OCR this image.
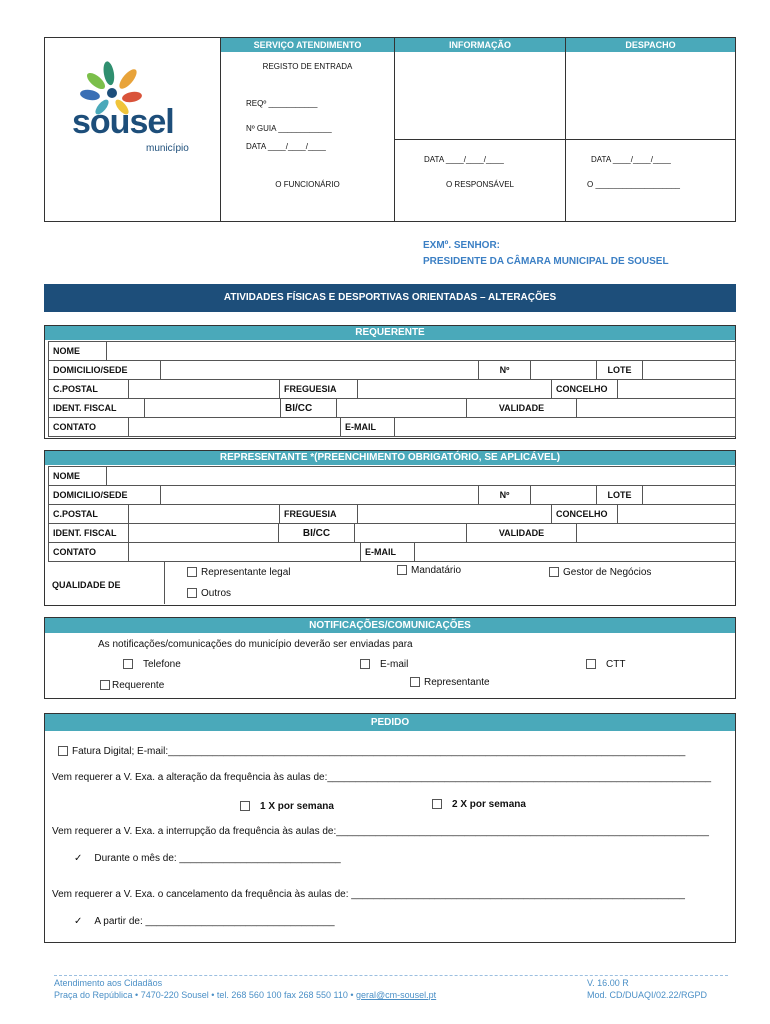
SERVIÇO ATENDIMENTO	INFORMAÇÃO	DESPACHO
sousel
município
REGISTO DE ENTRADA
REQº ___________
Nº GUIA ____________
DATA ____/____/____
O FUNCIONÁRIO
DATA ____/____/____
O RESPONSÁVEL
DATA ____/____/____
O ___________________
EXMº. SENHOR:
PRESIDENTE DA CÂMARA MUNICIPAL DE SOUSEL
ATIVIDADES FÍSICAS E DESPORTIVAS ORIENTADAS – ALTERAÇÕES
REQUERENTE
NOME	
DOMICILIO/SEDE		Nº		LOTE	
C.POSTAL		FREGUESIA		CONCELHO	
IDENT. FISCAL		BI/CC		VALIDADE	
CONTATO		E-MAIL	
REPRESENTANTE *(PREENCHIMENTO OBRIGATÓRIO, SE APLICÁVEL)
NOME	
DOMICILIO/SEDE		Nº		LOTE	
C.POSTAL		FREGUESIA		CONCELHO	
IDENT. FISCAL		BI/CC		VALIDADE	
CONTATO		E-MAIL	
QUALIDADE DE
Representante legal	Mandatário	Gestor de Negócios
Outros
NOTIFICAÇÕES/COMUNICAÇÕES
As notificações/comunicações do município deverão ser enviadas para
Telefone	E-mail	CTT
Requerente	Representante
PEDIDO
Fatura Digital; E-mail:_____________________________________________________________________________________________
Vem requerer a V. Exa. a alteração da frequência às aulas de:_____________________________________________________________________
1 X por semana	2 X por semana
Vem requerer a V. Exa. a interrupção da frequência às aulas de:___________________________________________________________________
✓ Durante o mês de: _____________________________
Vem requerer a V. Exa. o cancelamento da frequência às aulas de: ____________________________________________________________
✓ A partir de: __________________________________
Atendimento aos Cidadãos
Praça do República • 7470-220 Sousel • tel. 268 560 100 fax 268 550 110 • geral@cm-sousel.pt
V. 16.00 R
Mod. CD/DUAQI/02.22/RGPD
